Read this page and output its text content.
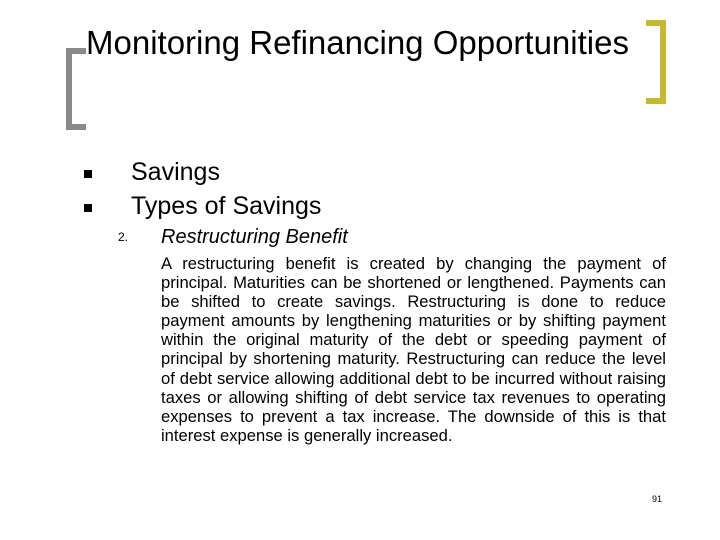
Monitoring Refinancing Opportunities
Savings
Types of Savings
2. Restructuring Benefit

A restructuring benefit is created by changing the payment of principal. Maturities can be shortened or lengthened. Payments can be shifted to create savings. Restructuring is done to reduce payment amounts by lengthening maturities or by shifting payment within the original maturity of the debt or speeding payment of principal by shortening maturity. Restructuring can reduce the level of debt service allowing additional debt to be incurred without raising taxes or allowing shifting of debt service tax revenues to operating expenses to prevent a tax increase. The downside of this is that interest expense is generally increased.

91
